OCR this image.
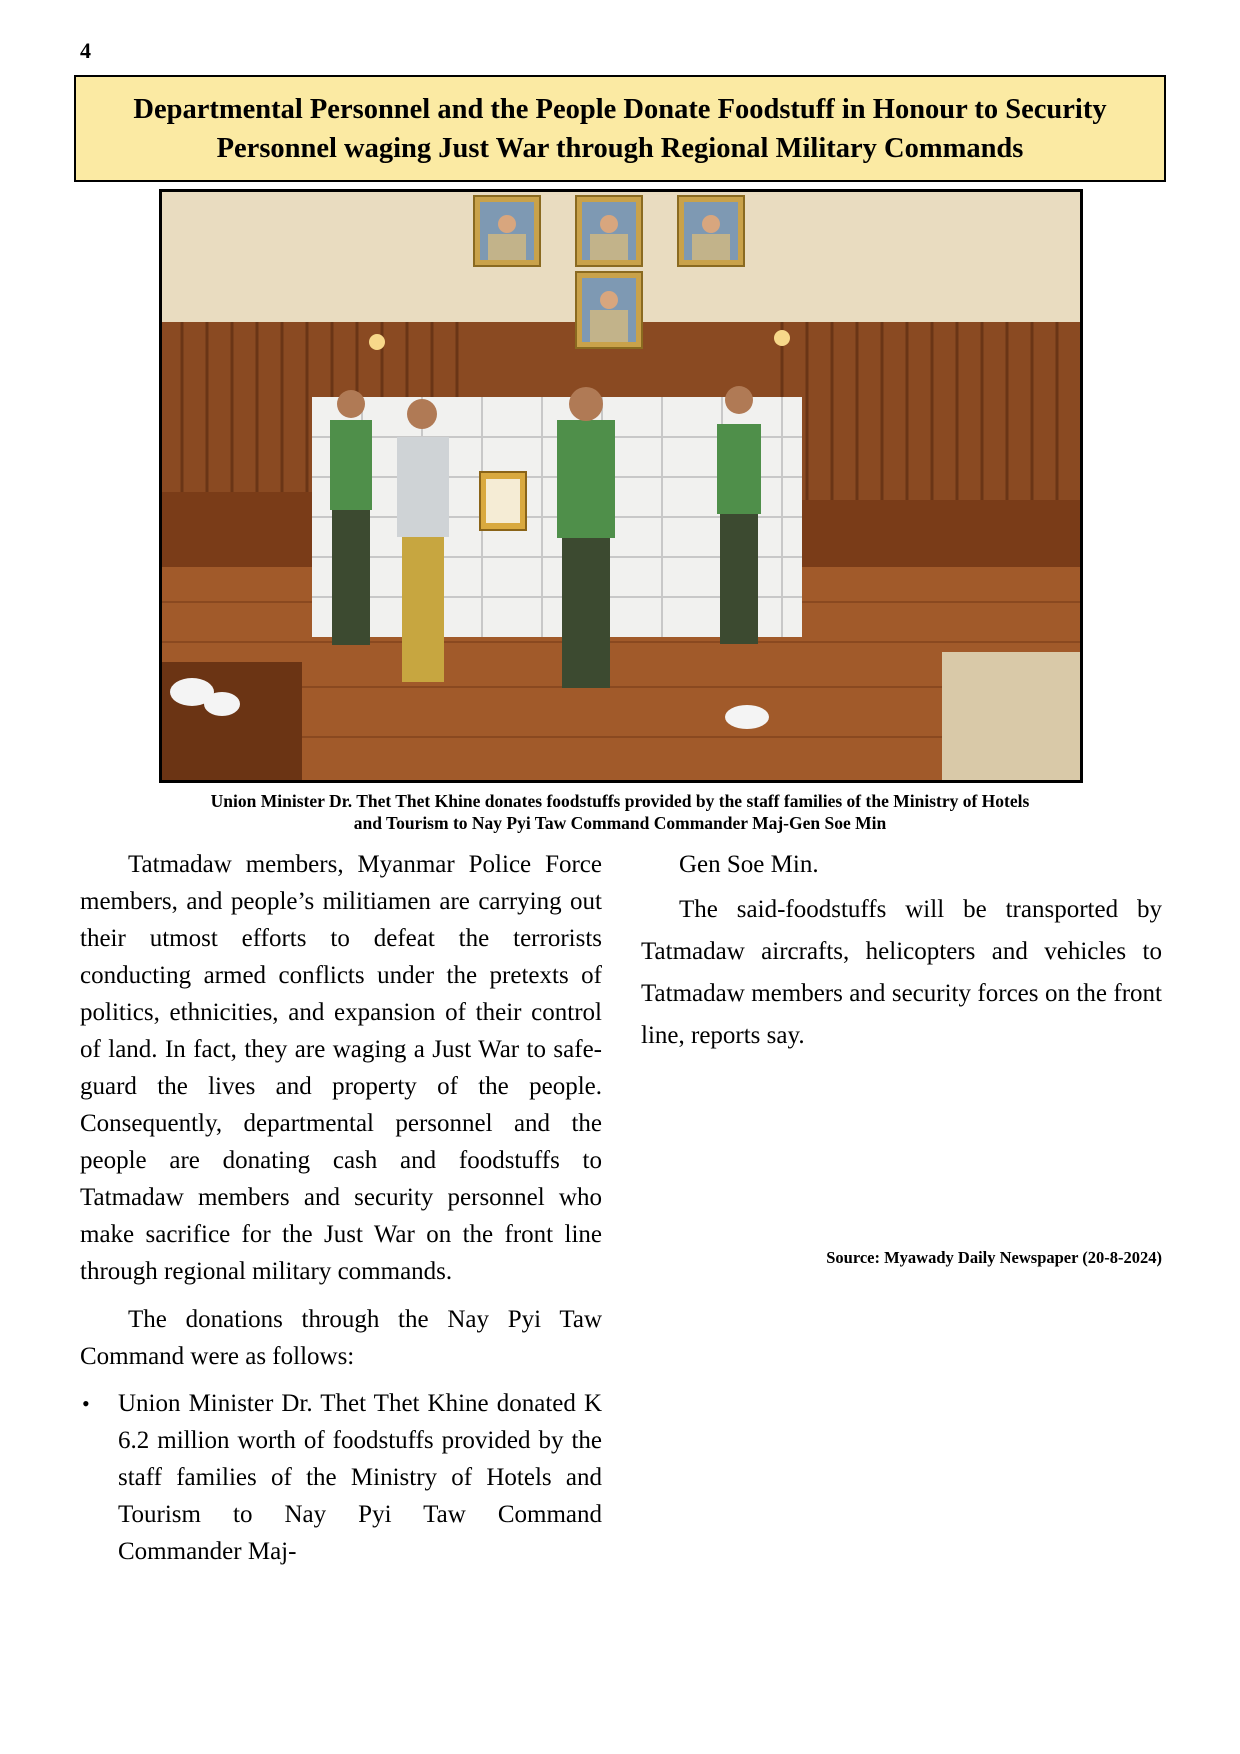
4
Departmental Personnel and the People Donate Foodstuff in Honour to Security
Personnel waging Just War through Regional Military Commands
Union Minister Dr. Thet Thet Khine donates foodstuffs provided by the staff families of the Ministry of Hotels
and Tourism to Nay Pyi Taw Command Commander Maj-Gen Soe Min

Tatmadaw members, Myanmar Police Force members, and people’s militiamen are carrying out their utmost efforts to defeat the terrorists conducting armed conflicts under the pretexts of politics, ethnicities, and expansion of their control of land. In fact, they are waging a Just War to safeguard the lives and property of the people. Consequently, departmental personnel and the people are donating cash and foodstuffs to Tatmadaw members and security personnel who make sacrifice for the Just War on the front line through regional military commands.

The donations through the Nay Pyi Taw Command were as follows:

• Union Minister Dr. Thet Thet Khine donated K 6.2 million worth of foodstuffs provided by the staff families of the Ministry of Hotels and Tourism to Nay Pyi Taw Command Commander Maj-

Gen Soe Min.

The said-foodstuffs will be transported by Tatmadaw aircrafts, helicopters and vehicles to Tatmadaw members and security forces on the front line, reports say.

Source: Myawady Daily Newspaper (20-8-2024)
